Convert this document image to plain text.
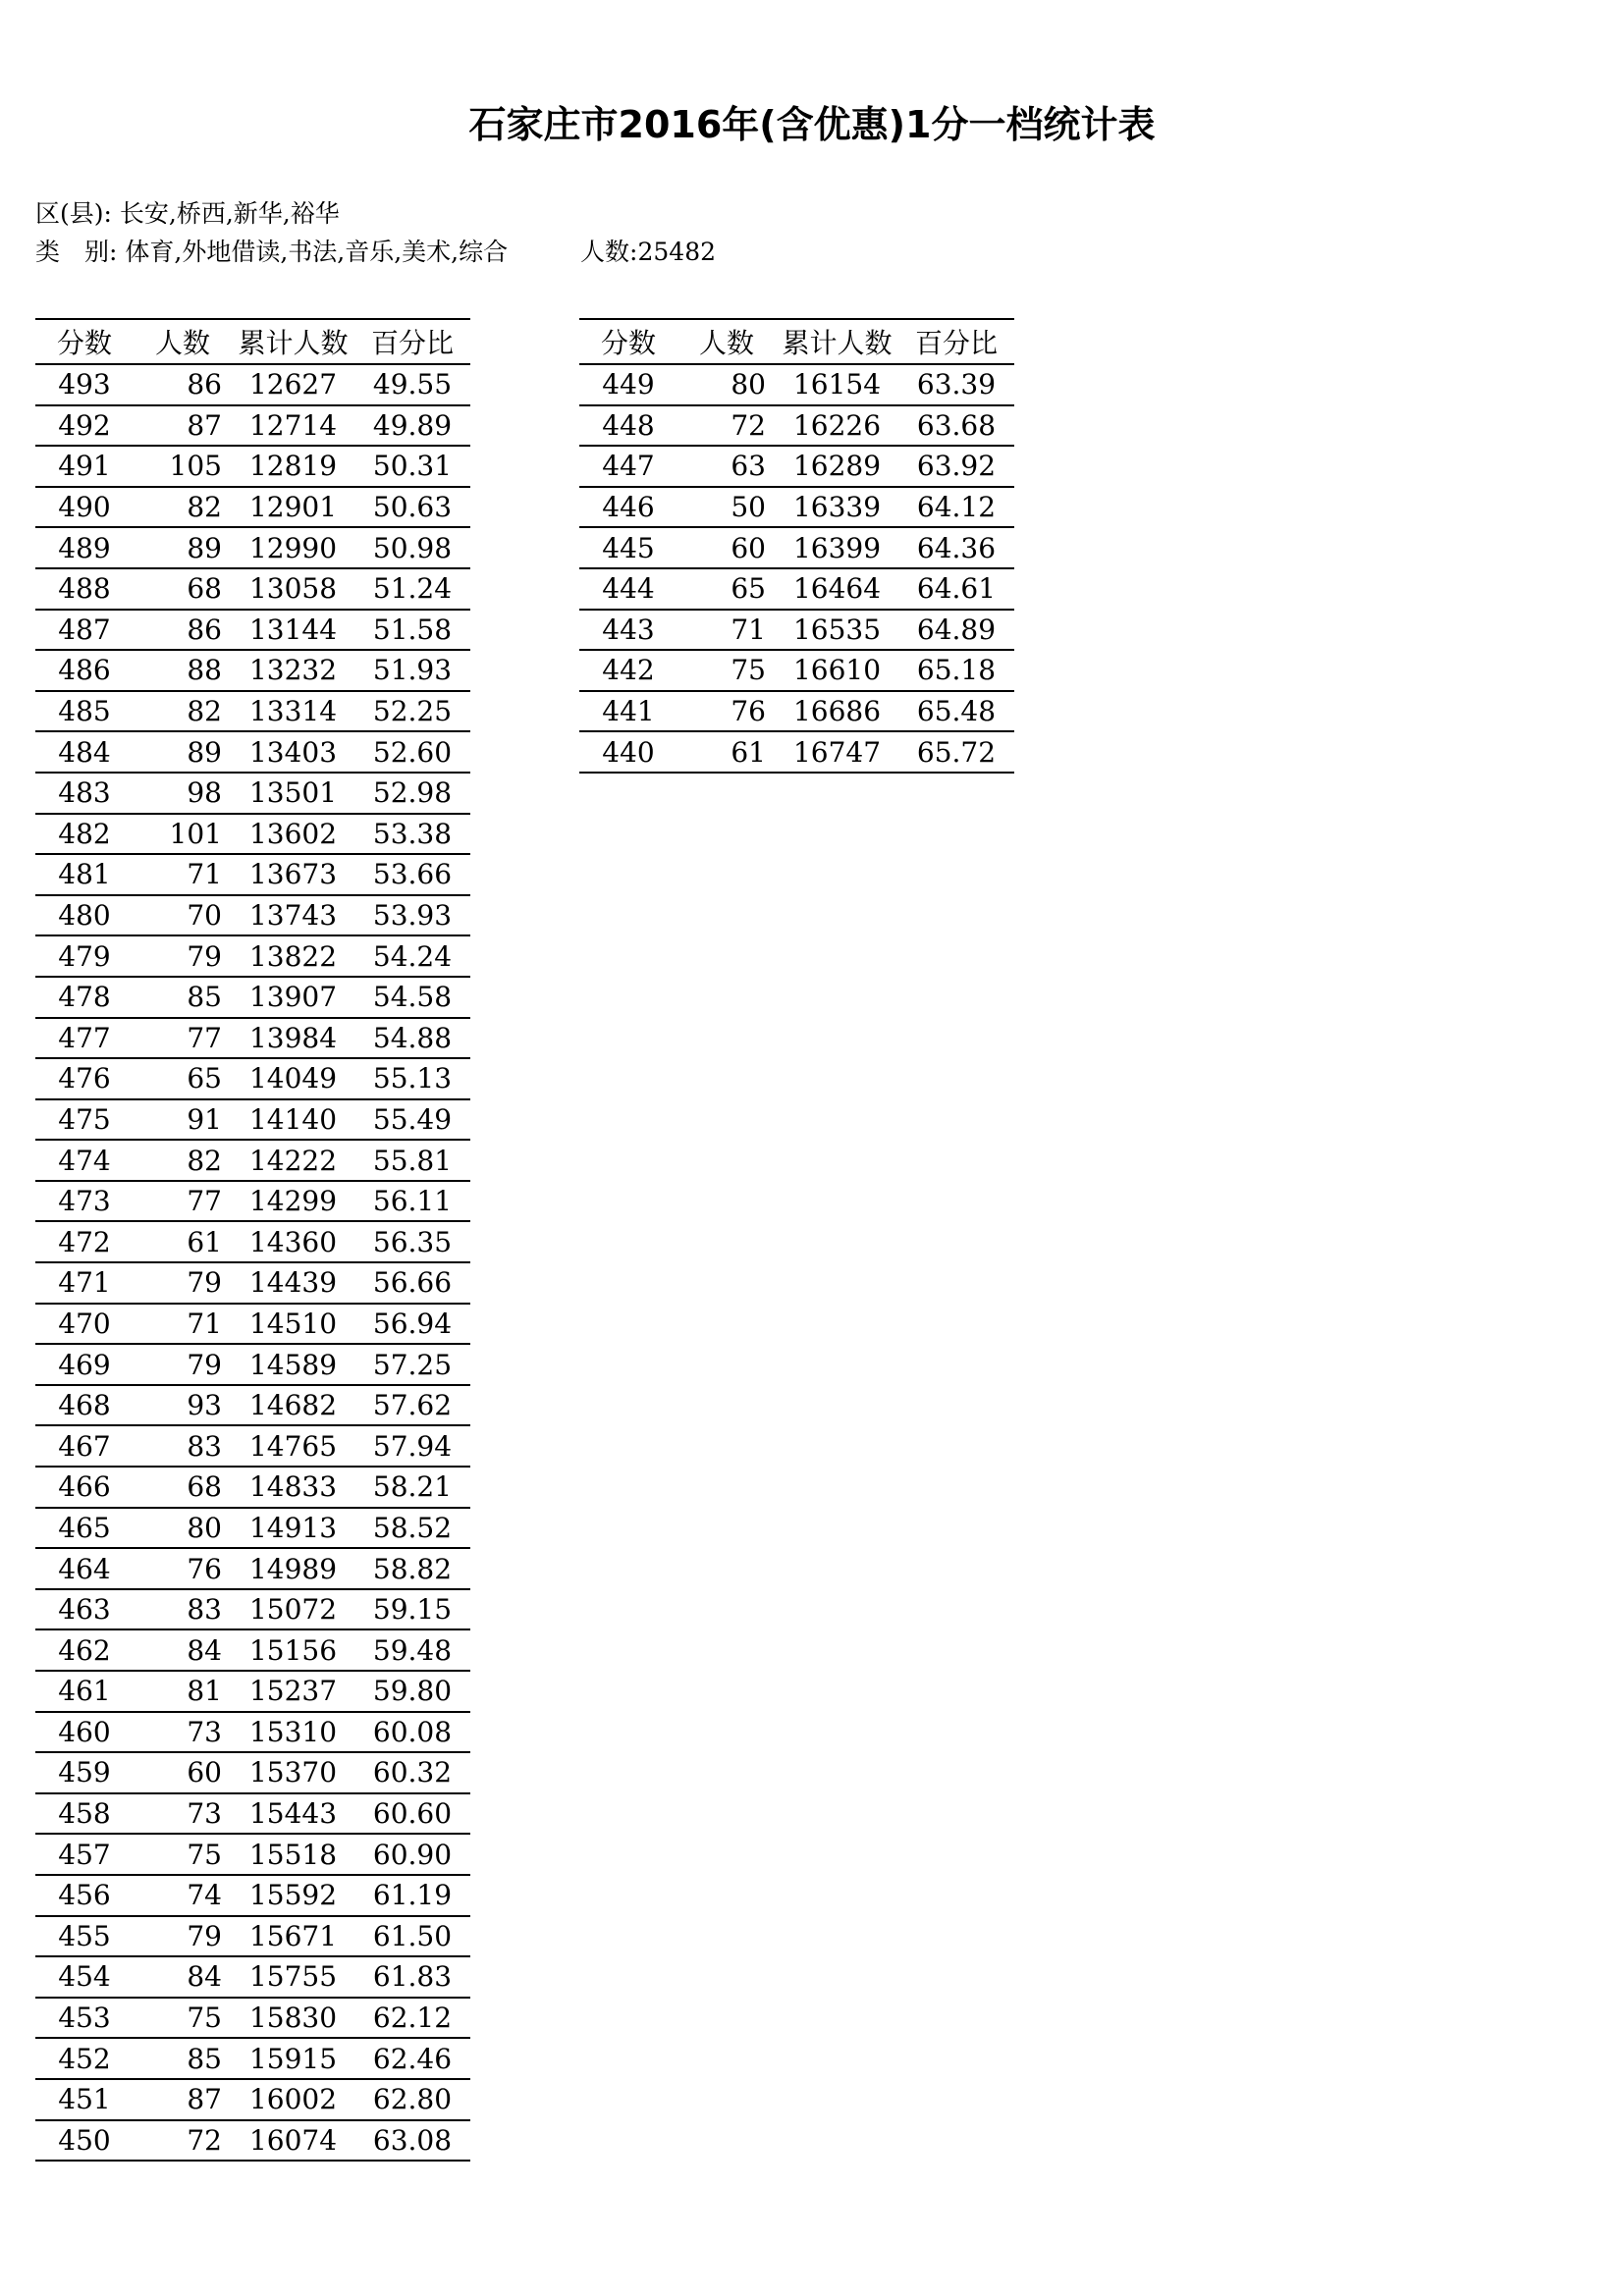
石家庄市2016年(含优惠)1分一档统计表
区(县): 长安,桥西,新华,裕华
类　别: 体育,外地借读,书法,音乐,美术,综合	人数:25482
分数	人数	累计人数	百分比
493	86	12627	49.55
492	87	12714	49.89
491	105	12819	50.31
490	82	12901	50.63
489	89	12990	50.98
488	68	13058	51.24
487	86	13144	51.58
486	88	13232	51.93
485	82	13314	52.25
484	89	13403	52.60
483	98	13501	52.98
482	101	13602	53.38
481	71	13673	53.66
480	70	13743	53.93
479	79	13822	54.24
478	85	13907	54.58
477	77	13984	54.88
476	65	14049	55.13
475	91	14140	55.49
474	82	14222	55.81
473	77	14299	56.11
472	61	14360	56.35
471	79	14439	56.66
470	71	14510	56.94
469	79	14589	57.25
468	93	14682	57.62
467	83	14765	57.94
466	68	14833	58.21
465	80	14913	58.52
464	76	14989	58.82
463	83	15072	59.15
462	84	15156	59.48
461	81	15237	59.80
460	73	15310	60.08
459	60	15370	60.32
458	73	15443	60.60
457	75	15518	60.90
456	74	15592	61.19
455	79	15671	61.50
454	84	15755	61.83
453	75	15830	62.12
452	85	15915	62.46
451	87	16002	62.80
450	72	16074	63.08
分数	人数	累计人数	百分比
449	80	16154	63.39
448	72	16226	63.68
447	63	16289	63.92
446	50	16339	64.12
445	60	16399	64.36
444	65	16464	64.61
443	71	16535	64.89
442	75	16610	65.18
441	76	16686	65.48
440	61	16747	65.72
